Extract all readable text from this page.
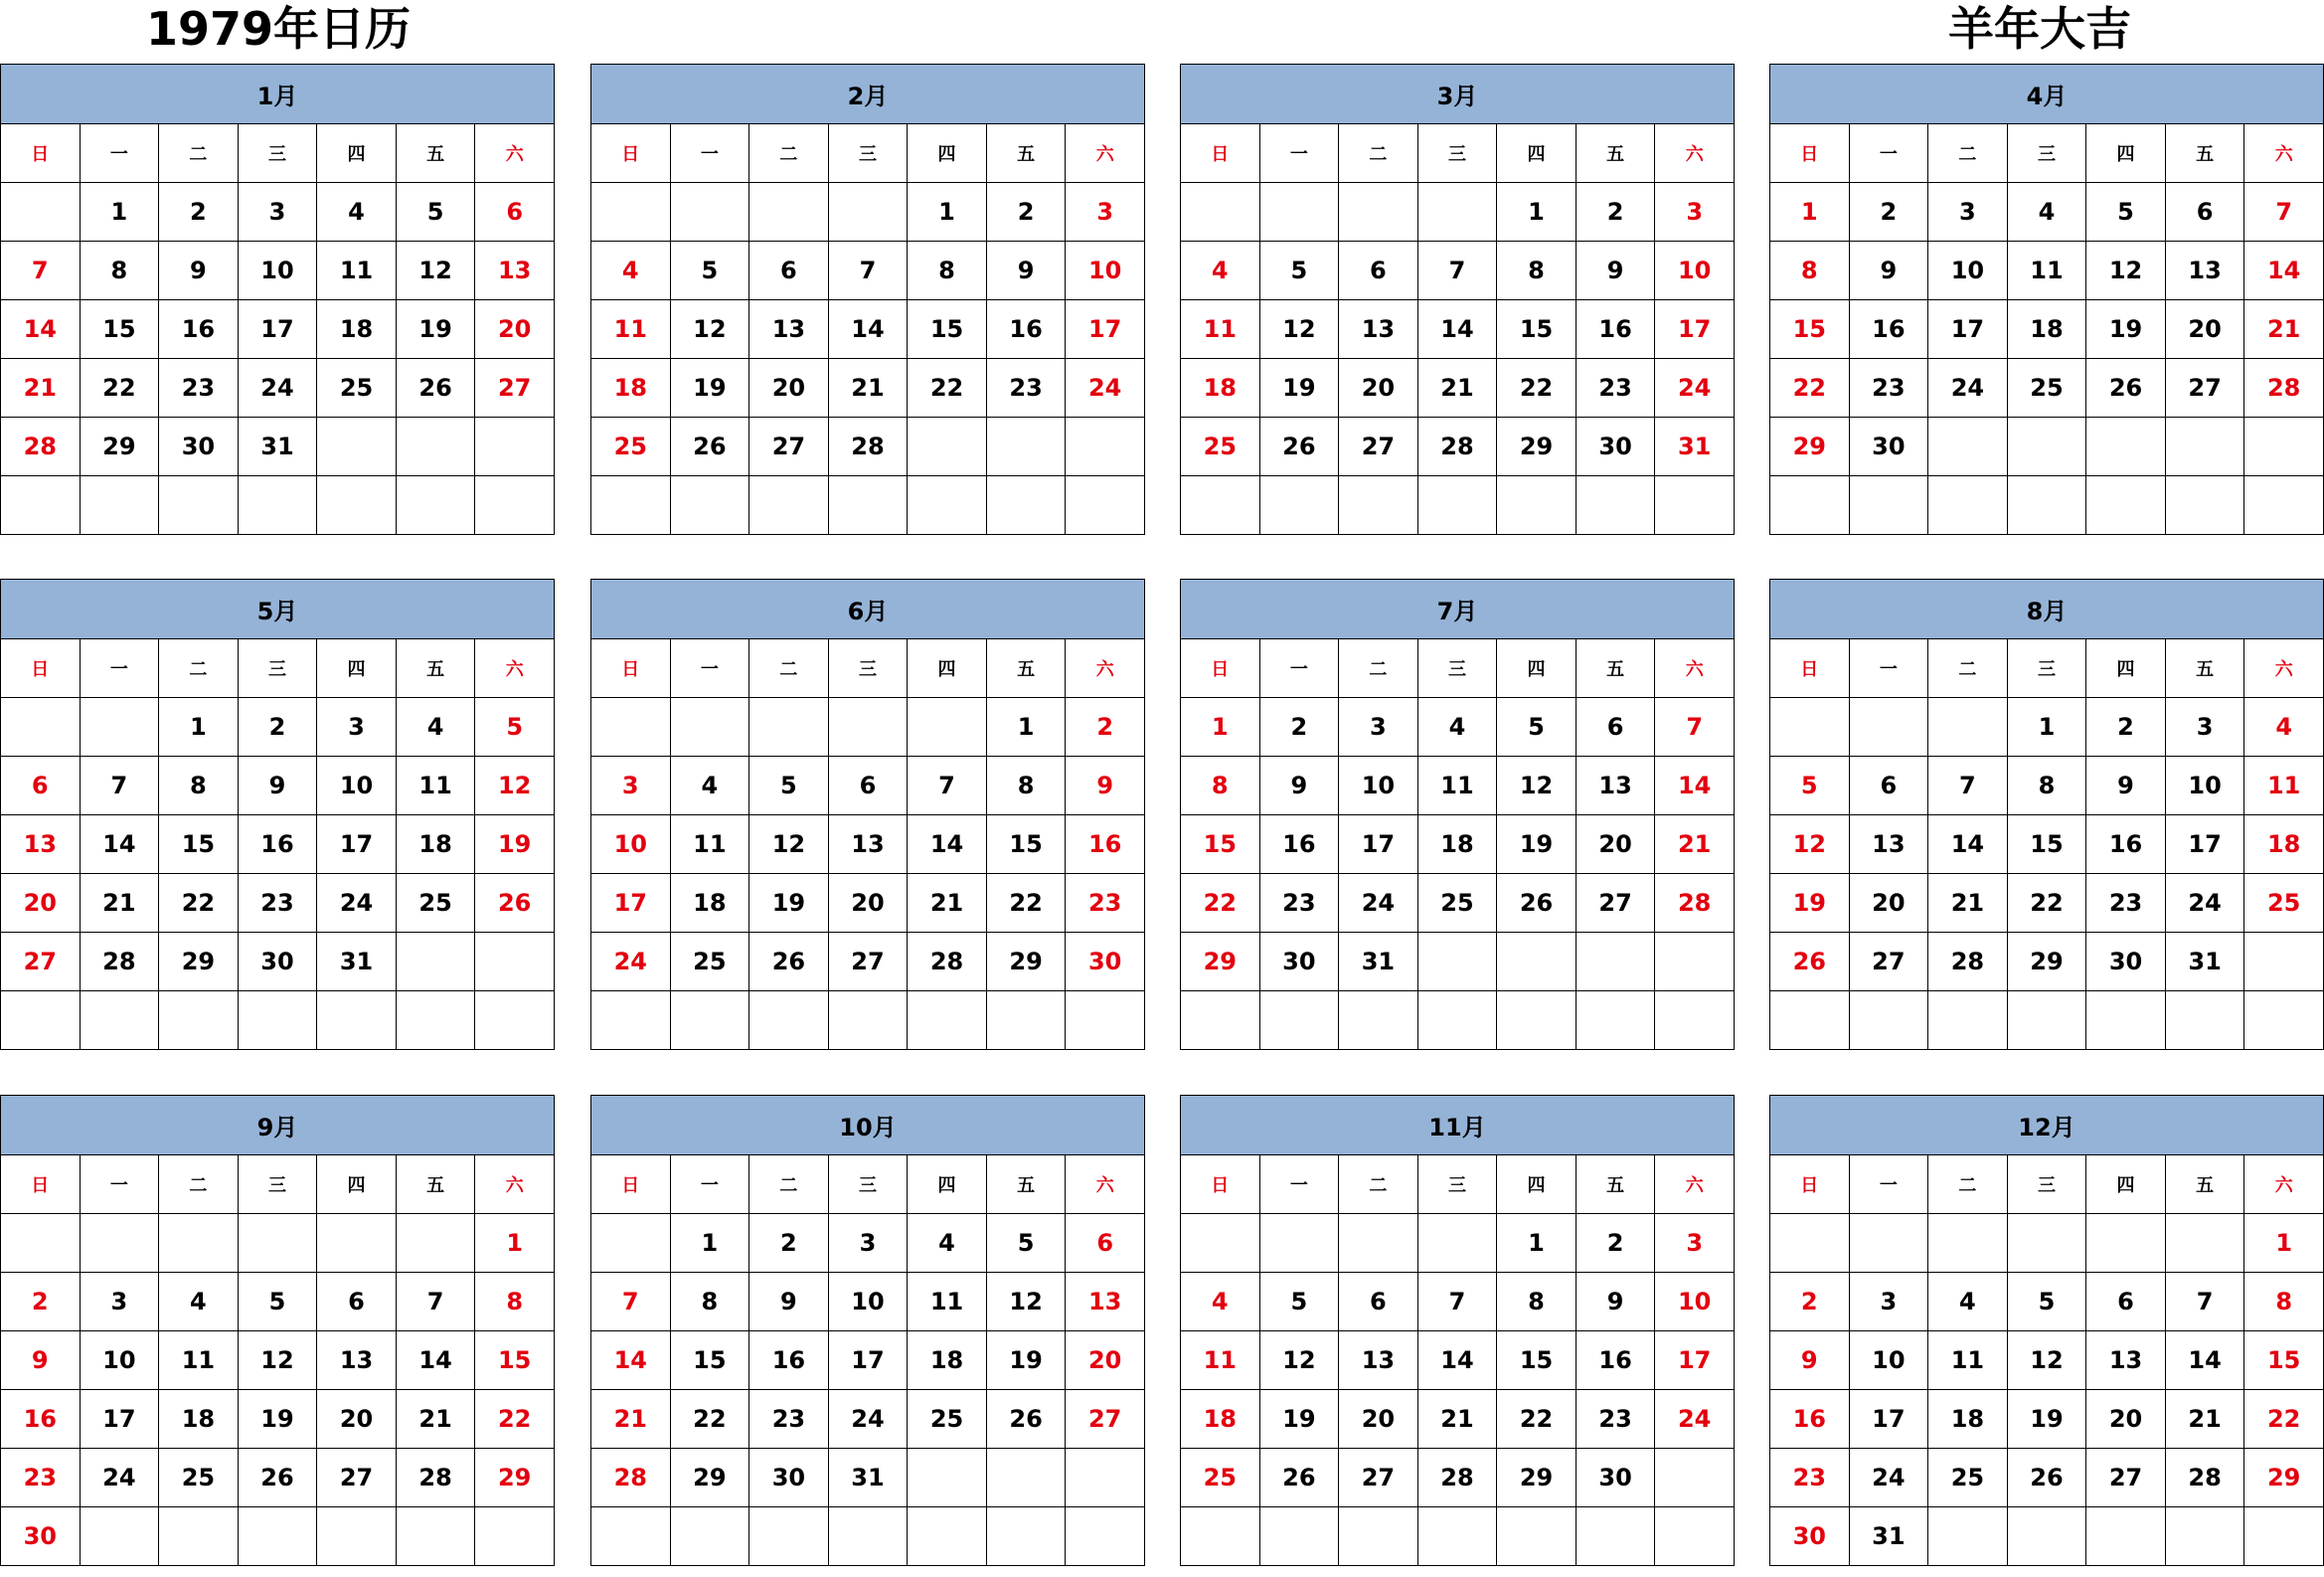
1979年日历	羊年大吉
1月						
日	一	二	三	四	五	六
	1	2	3	4	5	6
7	8	9	10	11	12	13
14	15	16	17	18	19	20
21	22	23	24	25	26	27
28	29	30	31			

2月						
日	一	二	三	四	五	六
				1	2	3
4	5	6	7	8	9	10
11	12	13	14	15	16	17
18	19	20	21	22	23	24
25	26	27	28			

3月						
日	一	二	三	四	五	六
				1	2	3
4	5	6	7	8	9	10
11	12	13	14	15	16	17
18	19	20	21	22	23	24
25	26	27	28	29	30	31

4月						
日	一	二	三	四	五	六
1	2	3	4	5	6	7
8	9	10	11	12	13	14
15	16	17	18	19	20	21
22	23	24	25	26	27	28
29	30					

5月						
日	一	二	三	四	五	六
		1	2	3	4	5
6	7	8	9	10	11	12
13	14	15	16	17	18	19
20	21	22	23	24	25	26
27	28	29	30	31		

6月						
日	一	二	三	四	五	六
					1	2
3	4	5	6	7	8	9
10	11	12	13	14	15	16
17	18	19	20	21	22	23
24	25	26	27	28	29	30

7月						
日	一	二	三	四	五	六
1	2	3	4	5	6	7
8	9	10	11	12	13	14
15	16	17	18	19	20	21
22	23	24	25	26	27	28
29	30	31				

8月						
日	一	二	三	四	五	六
			1	2	3	4
5	6	7	8	9	10	11
12	13	14	15	16	17	18
19	20	21	22	23	24	25
26	27	28	29	30	31	

9月						
日	一	二	三	四	五	六
						1
2	3	4	5	6	7	8
9	10	11	12	13	14	15
16	17	18	19	20	21	22
23	24	25	26	27	28	29
30						
10月						
日	一	二	三	四	五	六
	1	2	3	4	5	6
7	8	9	10	11	12	13
14	15	16	17	18	19	20
21	22	23	24	25	26	27
28	29	30	31			

11月						
日	一	二	三	四	五	六
				1	2	3
4	5	6	7	8	9	10
11	12	13	14	15	16	17
18	19	20	21	22	23	24
25	26	27	28	29	30	

12月						
日	一	二	三	四	五	六
						1
2	3	4	5	6	7	8
9	10	11	12	13	14	15
16	17	18	19	20	21	22
23	24	25	26	27	28	29
30	31					
